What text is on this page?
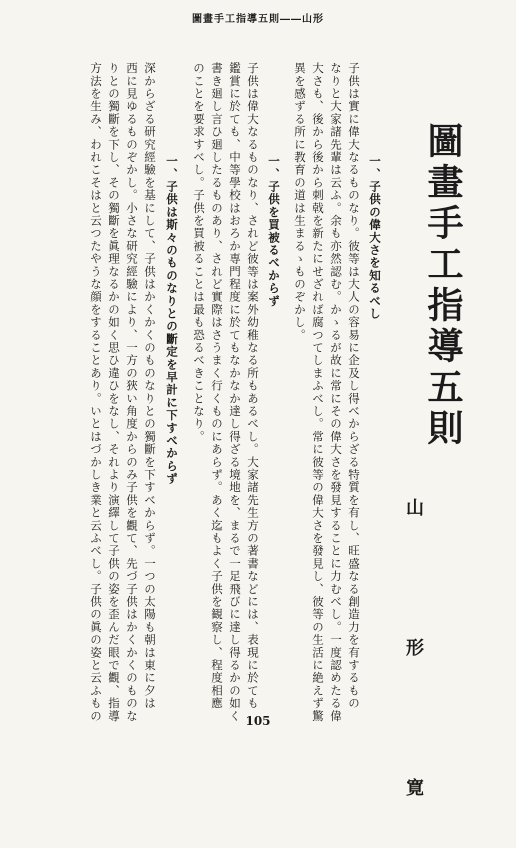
圖畫手工指導五則――山形
圖畫手工指導五則
山　形　寛
一、子供の偉大さを知るべし
子供は實に偉大なるものなり。彼等は大人の容易に企及し得べからざる特質を有し、旺盛なる創造力を有するもの
なりと大家諸先輩は云ふ。余も亦然認む。かゝるが故に常にその偉大さを發見することに力むべし。一度認めたる偉
大さも、後から後から刺戟を新たにせざれば腐つてしまふべし。常に彼等の偉大さを發見し、彼等の生活に絶えず驚
異を感ずる所に教育の道は生まるゝものぞかし。
一、子供を買被るべからず
子供は偉大なるものなり、されど彼等は案外幼稚なる所もあるべし。大家諸先生方の著書などには、表現に於ても
鑑賞に於ても、中等學校はおろか専門程度に於てもなかなか達し得ざる境地を、まるで一足飛びに達し得るかの如く
書き廻し言ひ廻したるものあり、されど實際はさうまく行くものにあらず。あく迄もよく子供を観察し、程度相應
のことを要求すべし。子供を買被ることは最も恐るべきことなり。
一、子供は斯々のものなりとの斷定を早計に下すべからず
深からざる研究經驗を基にして、子供はかくかくのものなりとの獨斷を下すべからず。一つの太陽も朝は東に夕は
西に見ゆるものぞかし。小さな研究經驗により、一方の狹い角度からのみ子供を觀て、先づ子供はかくかくのものな
りとの獨斷を下し、その獨斷を眞理なるかの如く思ひ違ひをなし、それより演繹して子供の姿を歪んだ眼で觀、指導
方法を生み、われこそはと云つたやうな顔をすることあり。いとはづかしき業と云ふべし。子供の眞の姿と云ふもの	105
